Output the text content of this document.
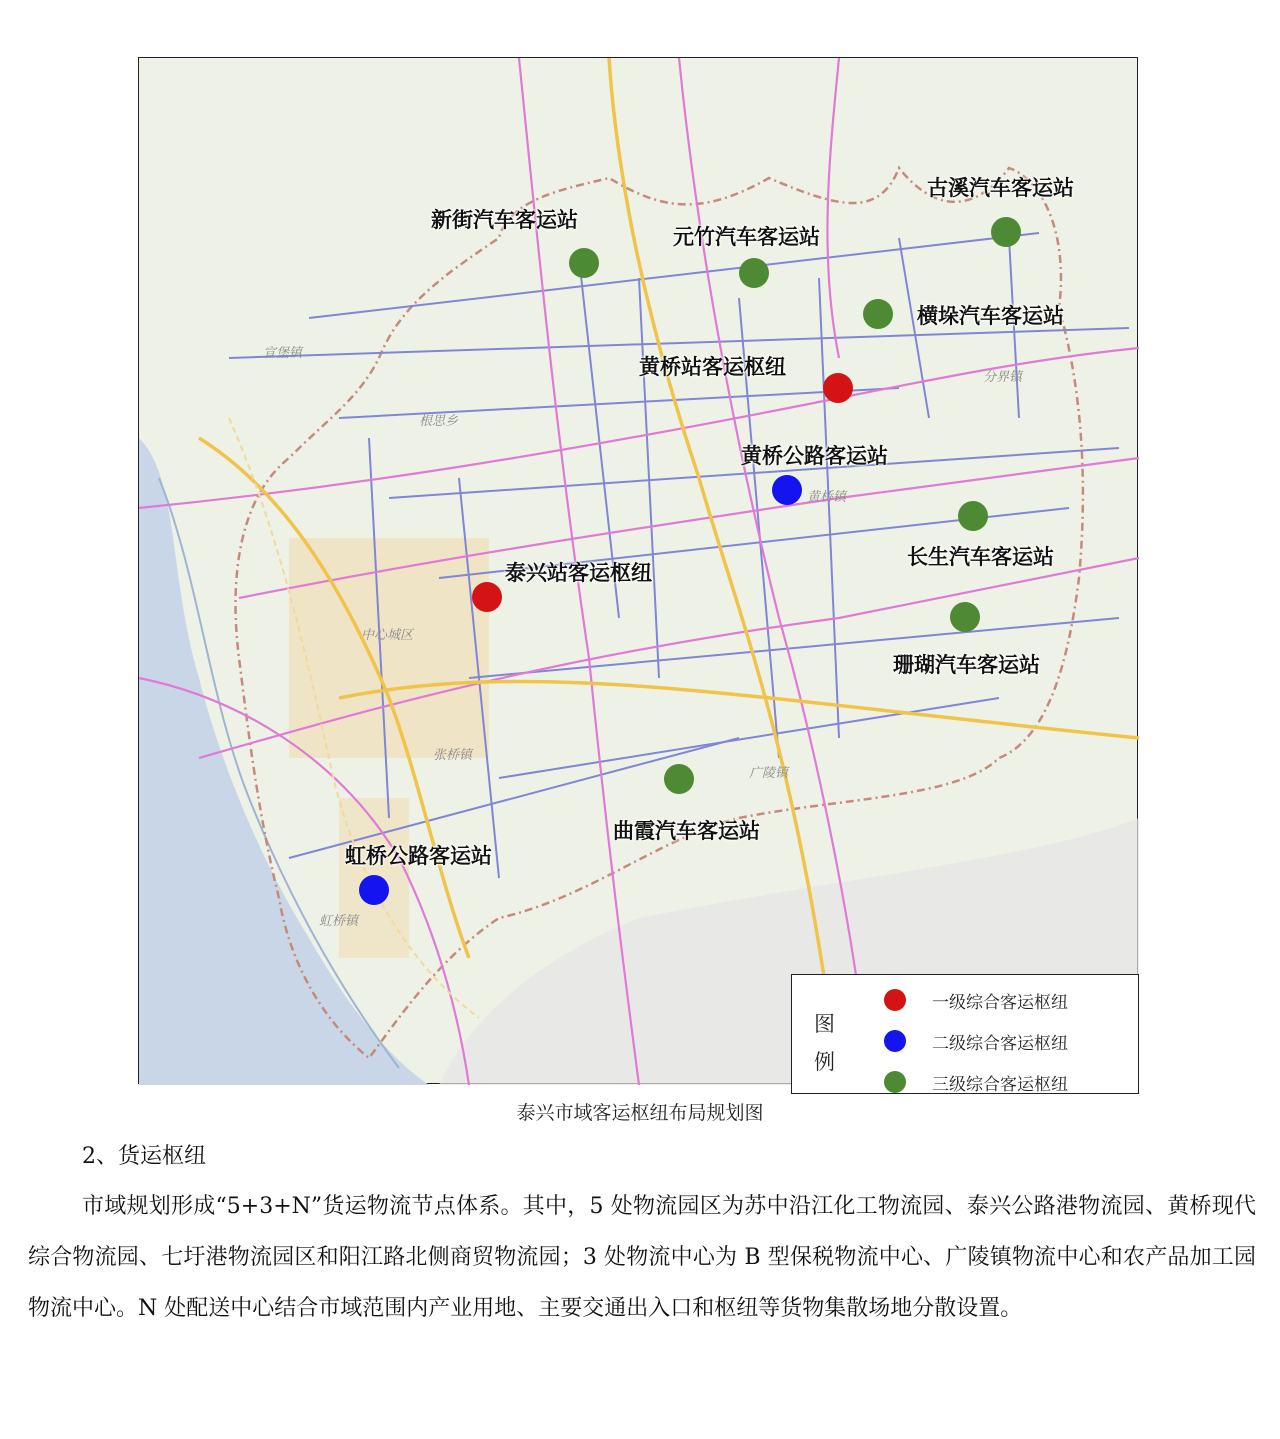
宣堡镇
根思乡
中心城区
张桥镇
广陵镇
分界镇
黄桥镇
虹桥镇
新街汽车客运站
元竹汽车客运站
古溪汽车客运站
横垛汽车客运站
黄桥站客运枢纽
黄桥公路客运站
长生汽车客运站
泰兴站客运枢纽
珊瑚汽车客运站
曲霞汽车客运站
虹桥公路客运站
图例
一级综合客运枢纽
二级综合客运枢纽
三级综合客运枢纽
泰兴市域客运枢纽布局规划图
2、货运枢纽

市域规划形成“5+3+N”货运物流节点体系。其中，5 处物流园区为苏中沿江化工物流园、泰兴公路港物流园、黄桥现代综合物流园、七圩港物流园区和阳江路北侧商贸物流园；3 处物流中心为 B 型保税物流中心、广陵镇物流中心和农产品加工园物流中心。N 处配送中心结合市域范围内产业用地、主要交通出入口和枢纽等货物集散场地分散设置。
